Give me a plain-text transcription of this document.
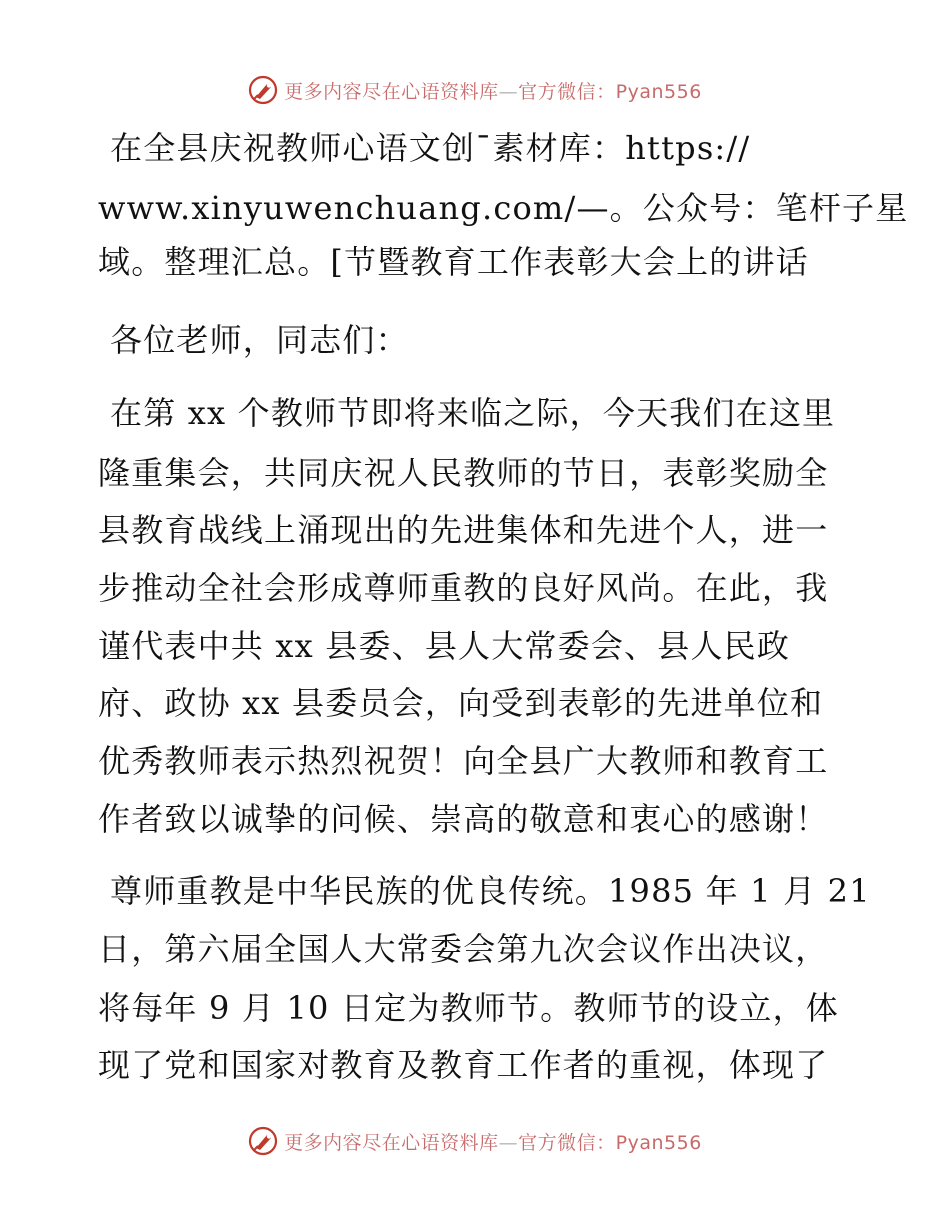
更多内容尽在心语资料库—官方微信：Pyan556
在全县庆祝教师心语文创¯素材库：https://
www.xinyuwenchuang.com/—。公众号：笔杆子星
域。整理汇总。[节暨教育工作表彰大会上的讲话
各位老师，同志们：
在第 xx 个教师节即将来临之际，今天我们在这里
隆重集会，共同庆祝人民教师的节日，表彰奖励全
县教育战线上涌现出的先进集体和先进个人，进一
步推动全社会形成尊师重教的良好风尚。在此，我
谨代表中共 xx 县委、县人大常委会、县人民政
府、政协 xx 县委员会，向受到表彰的先进单位和
优秀教师表示热烈祝贺！向全县广大教师和教育工
作者致以诚挚的问候、崇高的敬意和衷心的感谢！
尊师重教是中华民族的优良传统。1985 年 1 月 21
日，第六届全国人大常委会第九次会议作出决议，
将每年 9 月 10 日定为教师节。教师节的设立，体
现了党和国家对教育及教育工作者的重视，体现了
更多内容尽在心语资料库—官方微信：Pyan556
